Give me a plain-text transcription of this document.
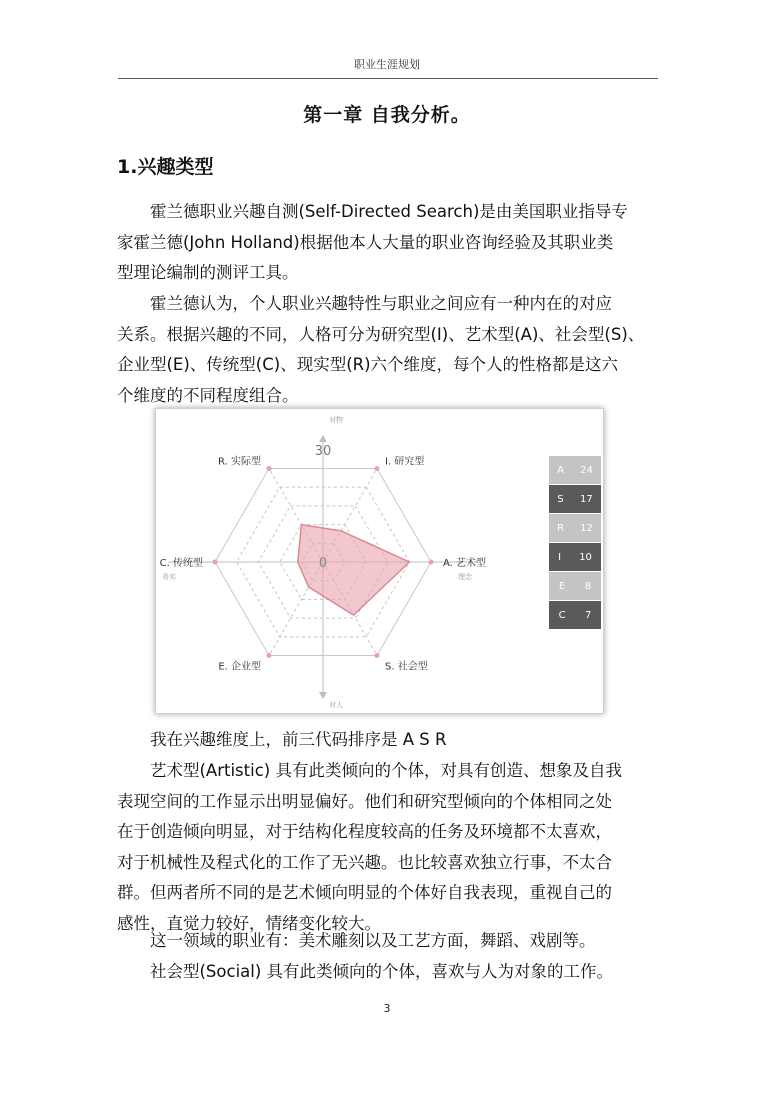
职业生涯规划
第一章 自我分析。
1.兴趣类型
霍兰德职业兴趣自测(Self-Directed Search)是由美国职业指导专
家霍兰德(John Holland)根据他本人大量的职业咨询经验及其职业类
型理论编制的测评工具。
霍兰德认为，个人职业兴趣特性与职业之间应有一种内在的对应
关系。根据兴趣的不同，人格可分为研究型(I)、艺术型(A)、社会型(S)、
企业型(E)、传统型(C)、现实型(R)六个维度，每个人的性格都是这六
个维度的不同程度组合。
I. 研究型
A. 艺术型
S. 社会型
E. 企业型
C. 传统型
R. 实际型
30
0
对物
对人
务实	理念
A 24
S 17
R 12
I 10
E 8
C 7
我在兴趣维度上，前三代码排序是 A S R
艺术型(Artistic) 具有此类倾向的个体，对具有创造、想象及自我
表现空间的工作显示出明显偏好。他们和研究型倾向的个体相同之处
在于创造倾向明显，对于结构化程度较高的任务及环境都不太喜欢，
对于机械性及程式化的工作了无兴趣。也比较喜欢独立行事，不太合
群。但两者所不同的是艺术倾向明显的个体好自我表现，重视自己的
感性，直觉力较好，情绪变化较大。
这一领域的职业有：美术雕刻以及工艺方面，舞蹈、戏剧等。
社会型(Social) 具有此类倾向的个体，喜欢与人为对象的工作。
3
